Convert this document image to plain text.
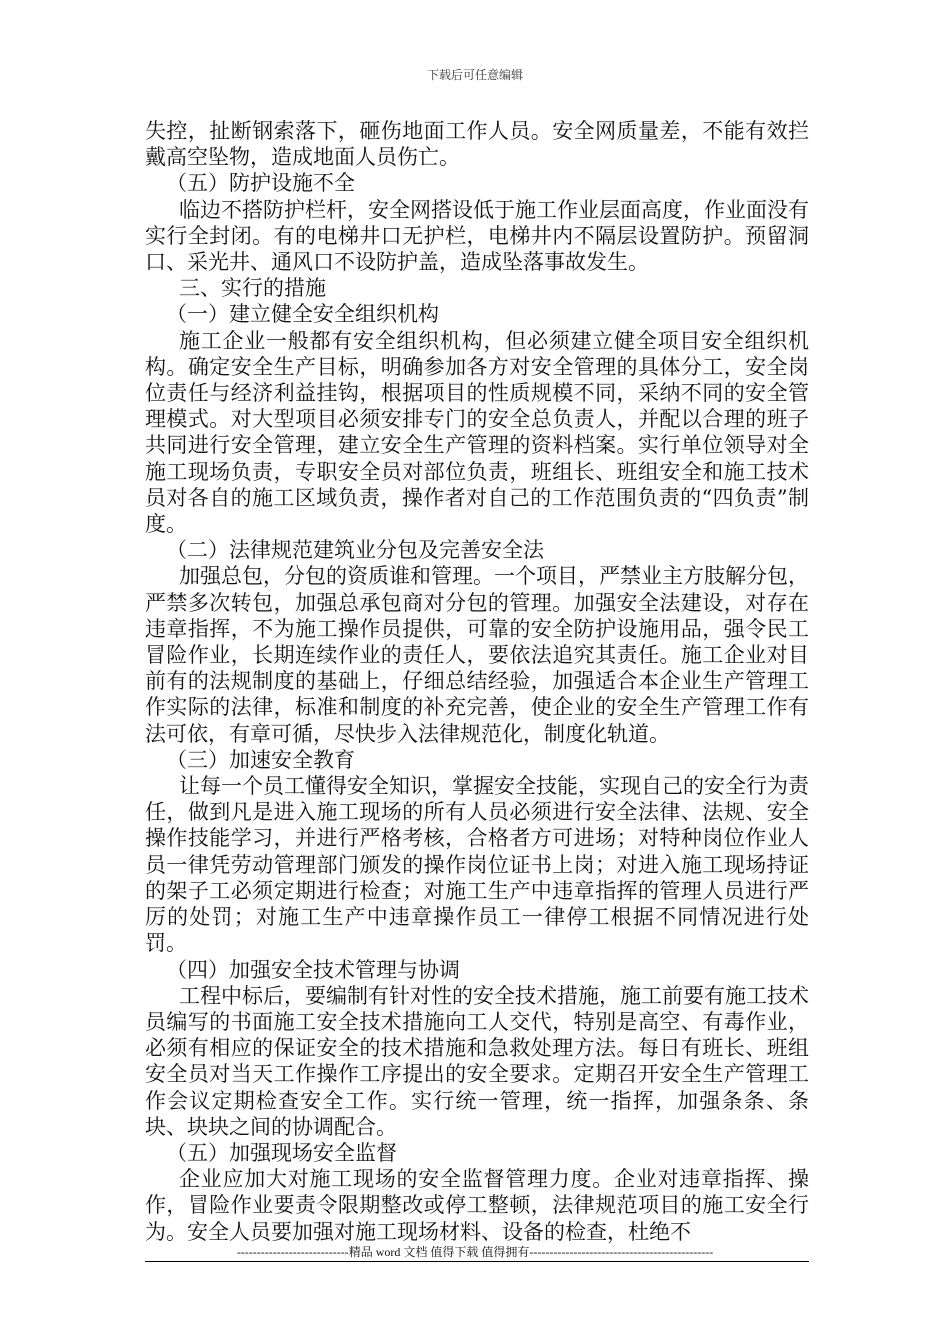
下载后可任意编辑

失控，扯断钢索落下，砸伤地面工作人员。安全网质量差，不能有效拦戴高空坠物，造成地面人员伤亡。

（五）防护设施不全

临边不搭防护栏杆，安全网搭设低于施工作业层面高度，作业面没有实行全封闭。有的电梯井口无护栏，电梯井内不隔层设置防护。预留洞口、采光井、通风口不设防护盖，造成坠落事故发生。

三、实行的措施

（一）建立健全安全组织机构

施工企业一般都有安全组织机构，但必须建立健全项目安全组织机构。确定安全生产目标，明确参加各方对安全管理的具体分工，安全岗位责任与经济利益挂钩，根据项目的性质规模不同，采纳不同的安全管理模式。对大型项目必须安排专门的安全总负责人，并配以合理的班子共同进行安全管理，建立安全生产管理的资料档案。实行单位领导对全施工现场负责，专职安全员对部位负责，班组长、班组安全和施工技术员对各自的施工区域负责，操作者对自己的工作范围负责的“四负责”制度。

（二）法律规范建筑业分包及完善安全法

加强总包，分包的资质谁和管理。一个项目，严禁业主方肢解分包，严禁多次转包，加强总承包商对分包的管理。加强安全法建设，对存在违章指挥，不为施工操作员提供，可靠的安全防护设施用品，强令民工冒险作业，长期连续作业的责任人，要依法追究其责任。施工企业对目前有的法规制度的基础上，仔细总结经验，加强适合本企业生产管理工作实际的法律，标准和制度的补充完善，使企业的安全生产管理工作有法可依，有章可循，尽快步入法律规范化，制度化轨道。

（三）加速安全教育

让每一个员工懂得安全知识，掌握安全技能，实现自己的安全行为责任，做到凡是进入施工现场的所有人员必须进行安全法律、法规、安全操作技能学习，并进行严格考核，合格者方可进场；对特种岗位作业人员一律凭劳动管理部门颁发的操作岗位证书上岗；对进入施工现场持证的架子工必须定期进行检查；对施工生产中违章指挥的管理人员进行严厉的处罚；对施工生产中违章操作员工一律停工根据不同情况进行处罚。

（四）加强安全技术管理与协调

工程中标后，要编制有针对性的安全技术措施，施工前要有施工技术员编写的书面施工安全技术措施向工人交代，特别是高空、有毒作业，必须有相应的保证安全的技术措施和急救处理方法。每日有班长、班组安全员对当天工作操作工序提出的安全要求。定期召开安全生产管理工作会议定期检查安全工作。实行统一管理，统一指挥，加强条条、条块、块块之间的协调配合。

（五）加强现场安全监督

企业应加大对施工现场的安全监督管理力度。企业对违章指挥、操作，冒险作业要责令限期整改或停工整顿，法律规范项目的施工安全行为。安全人员要加强对施工现场材料、设备的检查，杜绝不

----------------------------精品 word 文档 值得下载 值得拥有----------------------------------------------
